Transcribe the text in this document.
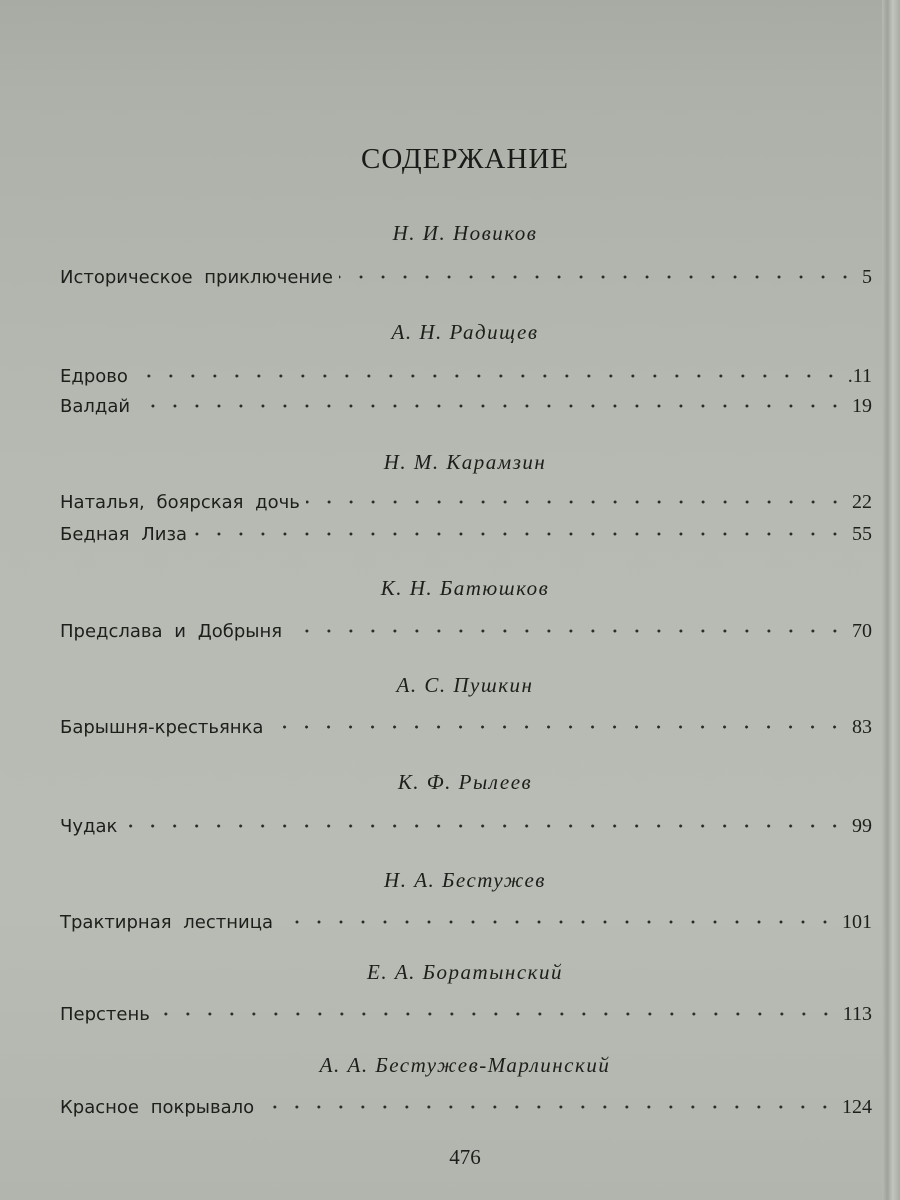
СОДЕРЖАНИЕ
Н. И. Новиков
Историческое приключение	5
А. Н. Радищев
Едрово	.11
Валдай	19
Н. М. Карамзин
Наталья, боярская дочь	22
Бедная Лиза	55
К. Н. Батюшков
Предслава и Добрыня	70
А. С. Пушкин
Барышня-крестьянка	83
К. Ф. Рылеев
Чудак	99
Н. А. Бестужев
Трактирная лестница	101
Е. А. Боратынский
Перстень	113
А. А. Бестужев-Марлинский
Красное покрывало	124
476
